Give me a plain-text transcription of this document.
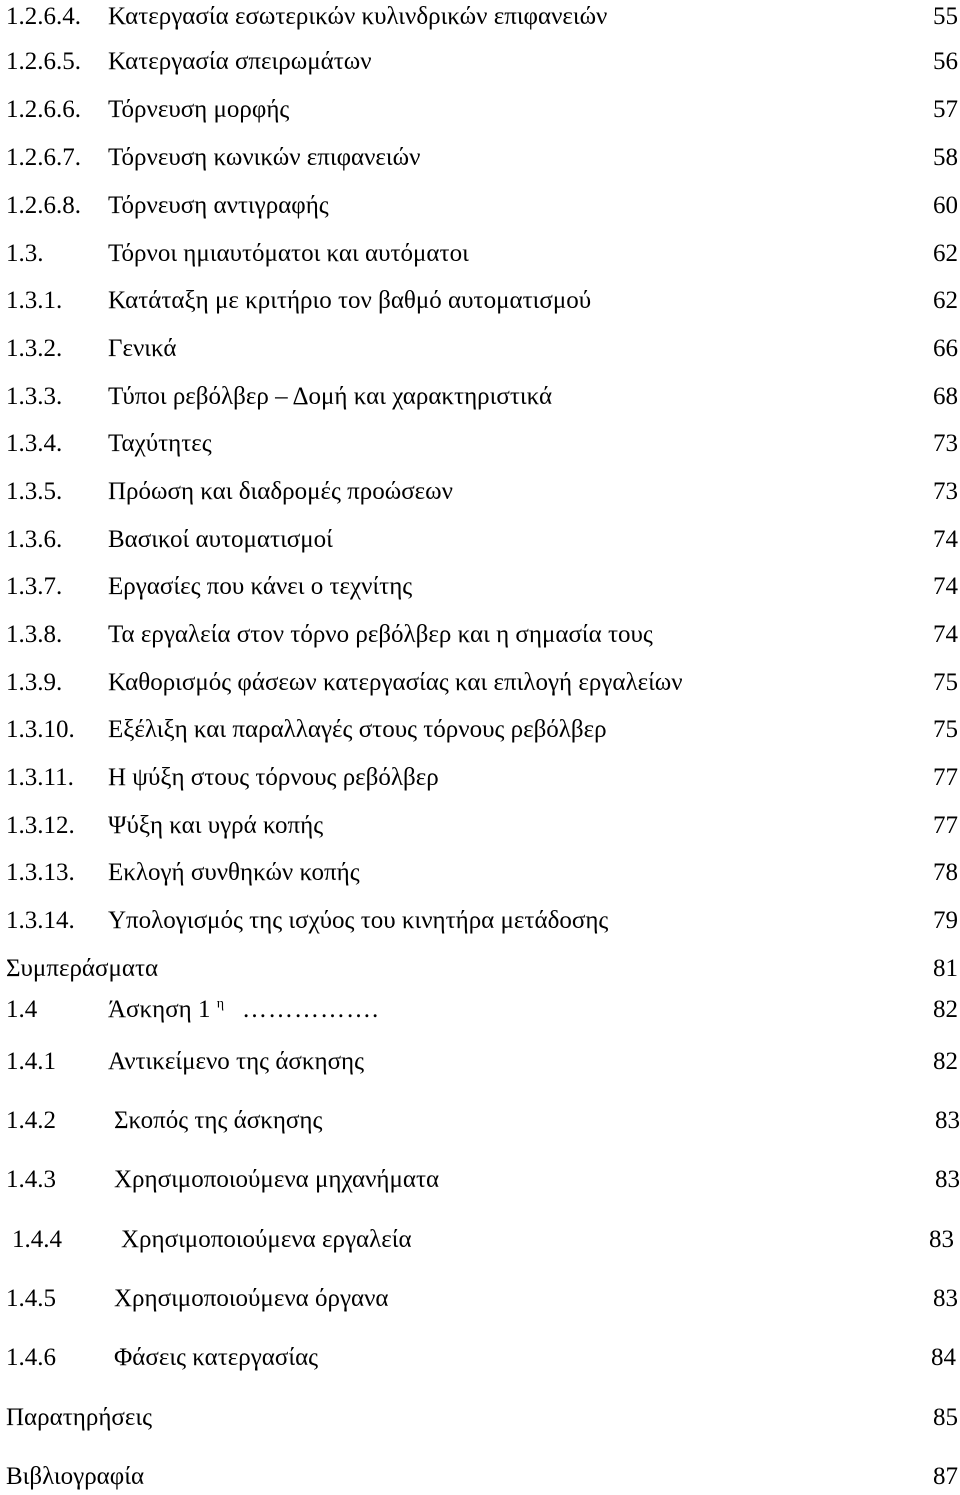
1.2.6.4. Κατεργασία εσωτερικών κυλινδρικών επιφανειών	55
1.2.6.5. Κατεργασία σπειρωμάτων	56
1.2.6.6. Τόρνευση μορφής	57
1.2.6.7. Τόρνευση κωνικών επιφανειών	58
1.2.6.8. Τόρνευση αντιγραφής	60
1.3.	Τόρνοι ημιαυτόματοι και αυτόματοι	62
1.3.1. Κατάταξη με κριτήριο τον βαθμό αυτοματισμού	62
1.3.2. Γενικά	66
1.3.3. Τύποι ρεβόλβερ – Δομή και χαρακτηριστικά	68
1.3.4. Ταχύτητες	73
1.3.5. Πρόωση και διαδρομές προώσεων	73
1.3.6. Βασικοί αυτοματισμοί	74
1.3.7. Εργασίες που κάνει ο τεχνίτης	74
1.3.8. Τα εργαλεία στον τόρνο ρεβόλβερ και η σημασία τους	74
1.3.9. Καθορισμός φάσεων κατεργασίας και επιλογή εργαλείων	75
1.3.10. Εξέλιξη και παραλλαγές στους τόρνους ρεβόλβερ	75
1.3.11. Η ψύξη στους τόρνους ρεβόλβερ	77
1.3.12. Ψύξη και υγρά κοπής	77
1.3.13. Εκλογή συνθηκών κοπής	78
1.3.14. Υπολογισμός της ισχύος του κινητήρα μετάδοσης	79
Συμπεράσματα	81
1.4	Άσκηση 1 $^\eta$ …………….	82
1.4.1 Αντικείμενο της άσκησης	82
1.4.2 Σκοπός της άσκησης	83
1.4.3 Χρησιμοποιούμενα μηχανήματα	83
1.4.4 Χρησιμοποιούμενα εργαλεία	83
1.4.5 Χρησιμοποιούμενα όργανα	83
1.4.6 Φάσεις κατεργασίας	84
Παρατηρήσεις	85
Βιβλιογραφία	87
